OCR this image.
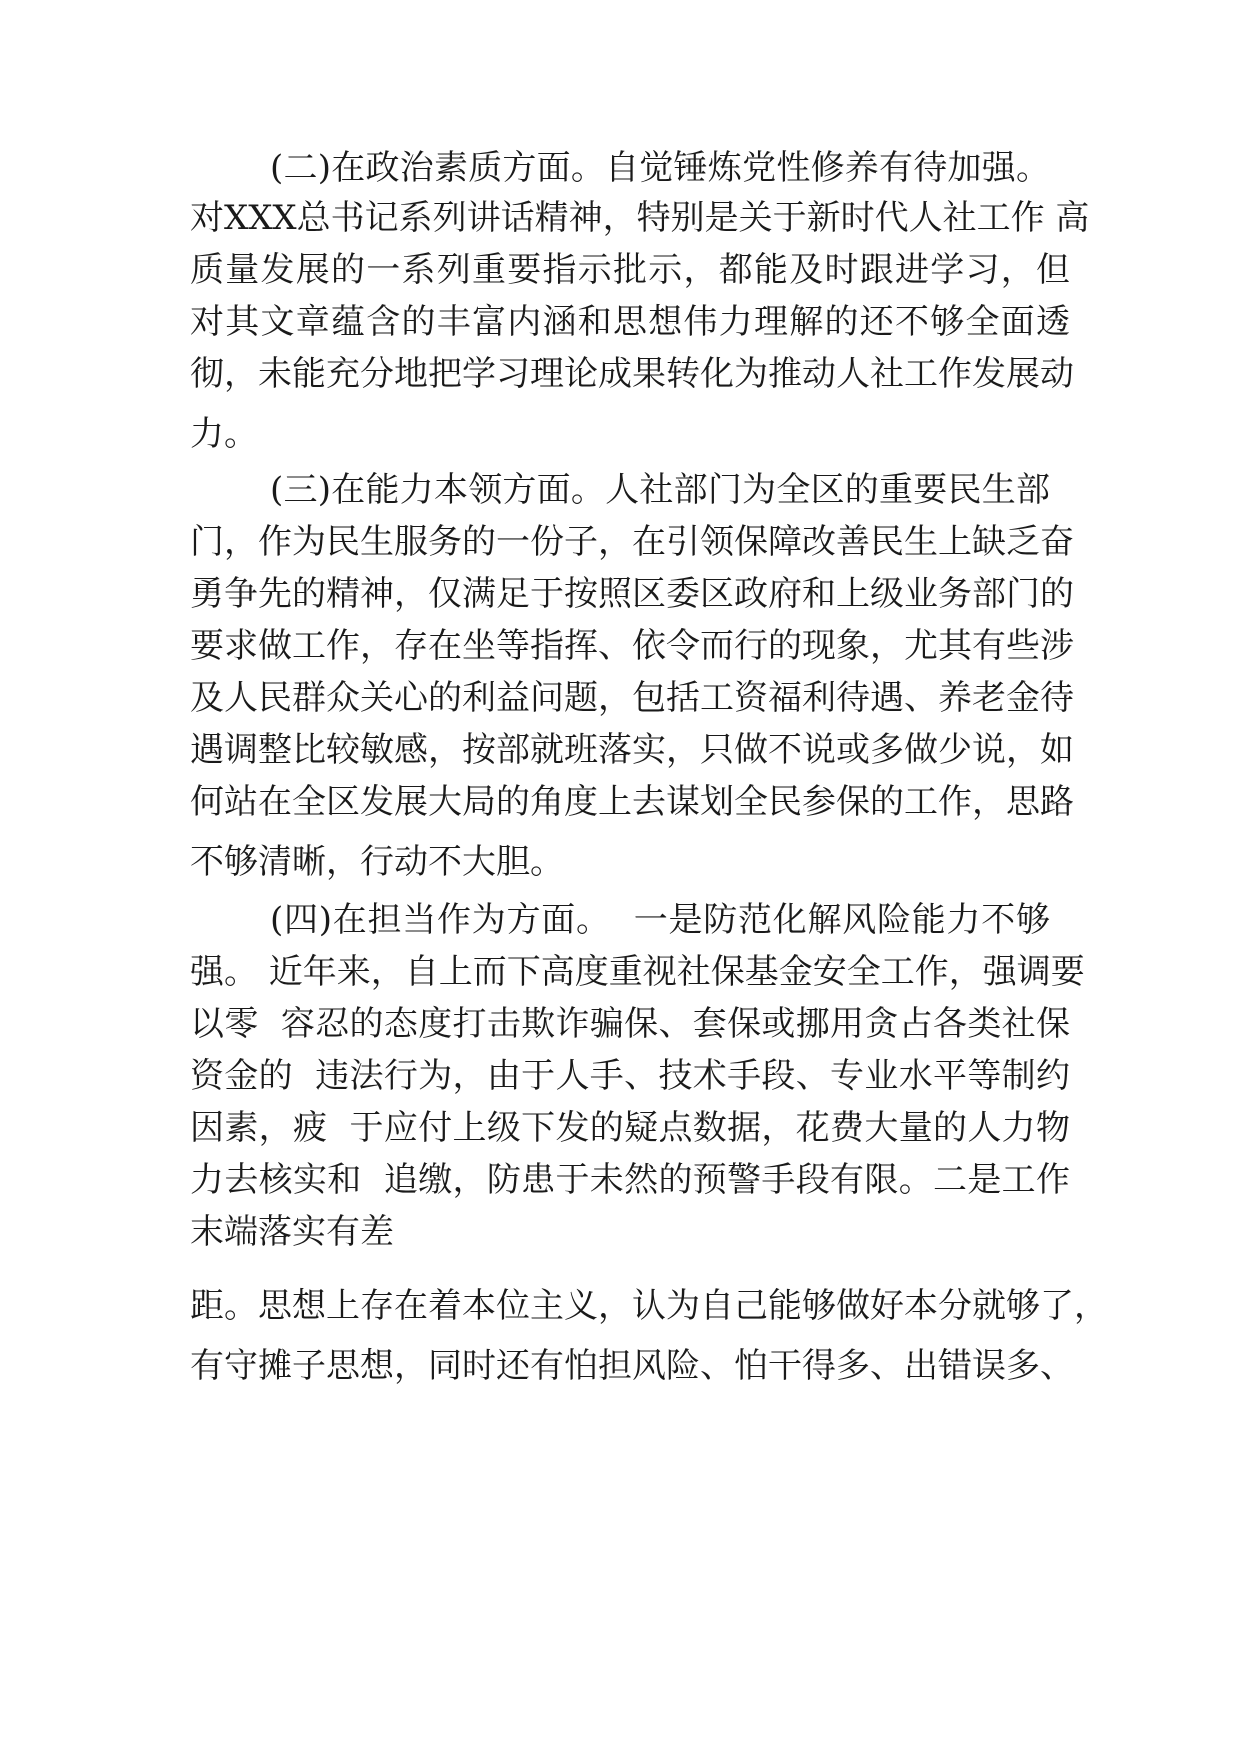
(二)在政治素质方面。自觉锤炼党性修养有待加强。
对XXX总书记系列讲话精神，特别是关于新时代人社工作 高
质量发展的一系列重要指示批示，都能及时跟进学习，但
对其文章蕴含的丰富内涵和思想伟力理解的还不够全面透
彻，未能充分地把学习理论成果转化为推动人社工作发展动
力。
(三)在能力本领方面。人社部门为全区的重要民生部
门，作为民生服务的一份子，在引领保障改善民生上缺乏奋
勇争先的精神，仅满足于按照区委区政府和上级业务部门的
要求做工作，存在坐等指挥、依令而行的现象，尤其有些涉
及人民群众关心的利益问题，包括工资福利待遇、养老金待
遇调整比较敏感，按部就班落实，只做不说或多做少说，如
何站在全区发展大局的角度上去谋划全民参保的工作，思路
不够清晰，行动不大胆。
(四)在担当作为方面。  一是防范化解风险能力不够
强。 近年来，自上而下高度重视社保基金安全工作，强调要
以零  容忍的态度打击欺诈骗保、套保或挪用贪占各类社保
资金的  违法行为，由于人手、技术手段、专业水平等制约
因素，疲  于应付上级下发的疑点数据，花费大量的人力物
力去核实和  追缴，防患于未然的预警手段有限。二是工作
末端落实有差
距。思想上存在着本位主义，认为自己能够做好本分就够了，
有守摊子思想，同时还有怕担风险、怕干得多、出错误多、
